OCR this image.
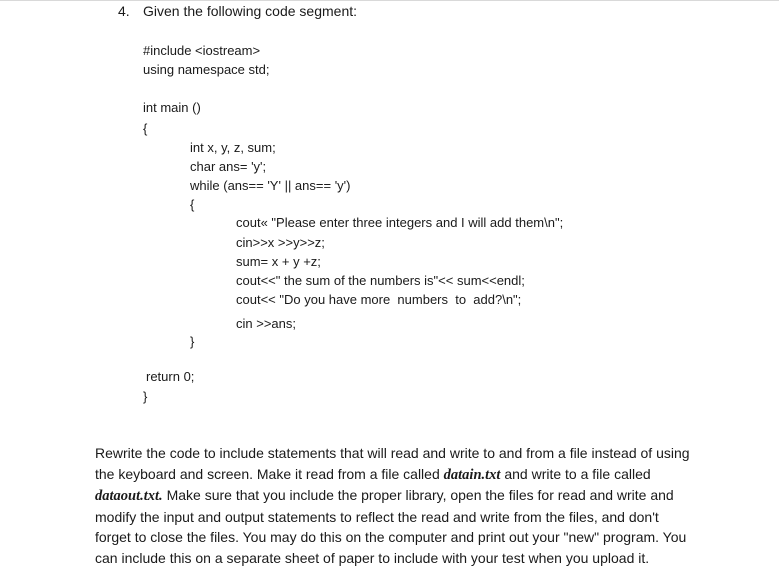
4. Given the following code segment:
#include <iostream>
using namespace std;
int main ()
{
int x, y, z, sum;
char ans= 'y';
while (ans== 'Y' || ans== 'y')
{
cout« "Please enter three integers and I will add them\n";
cin>>x >>y>>z;
sum= x + y +z;
cout<<" the sum of the numbers is"<< sum<<endl;
cout<< "Do you have more  numbers  to  add?\n";
cin >>ans;
}
return 0;
}

Rewrite the code to include statements that will read and write to and from a file instead of using the keyboard and screen. Make it read from a file called datain.txt and write to a file called dataout.txt. Make sure that you include the proper library, open the files for read and write and modify the input and output statements to reflect the read and write from the files, and don't forget to close the files. You may do this on the computer and print out your "new" program. You can include this on a separate sheet of paper to include with your test when you upload it.
